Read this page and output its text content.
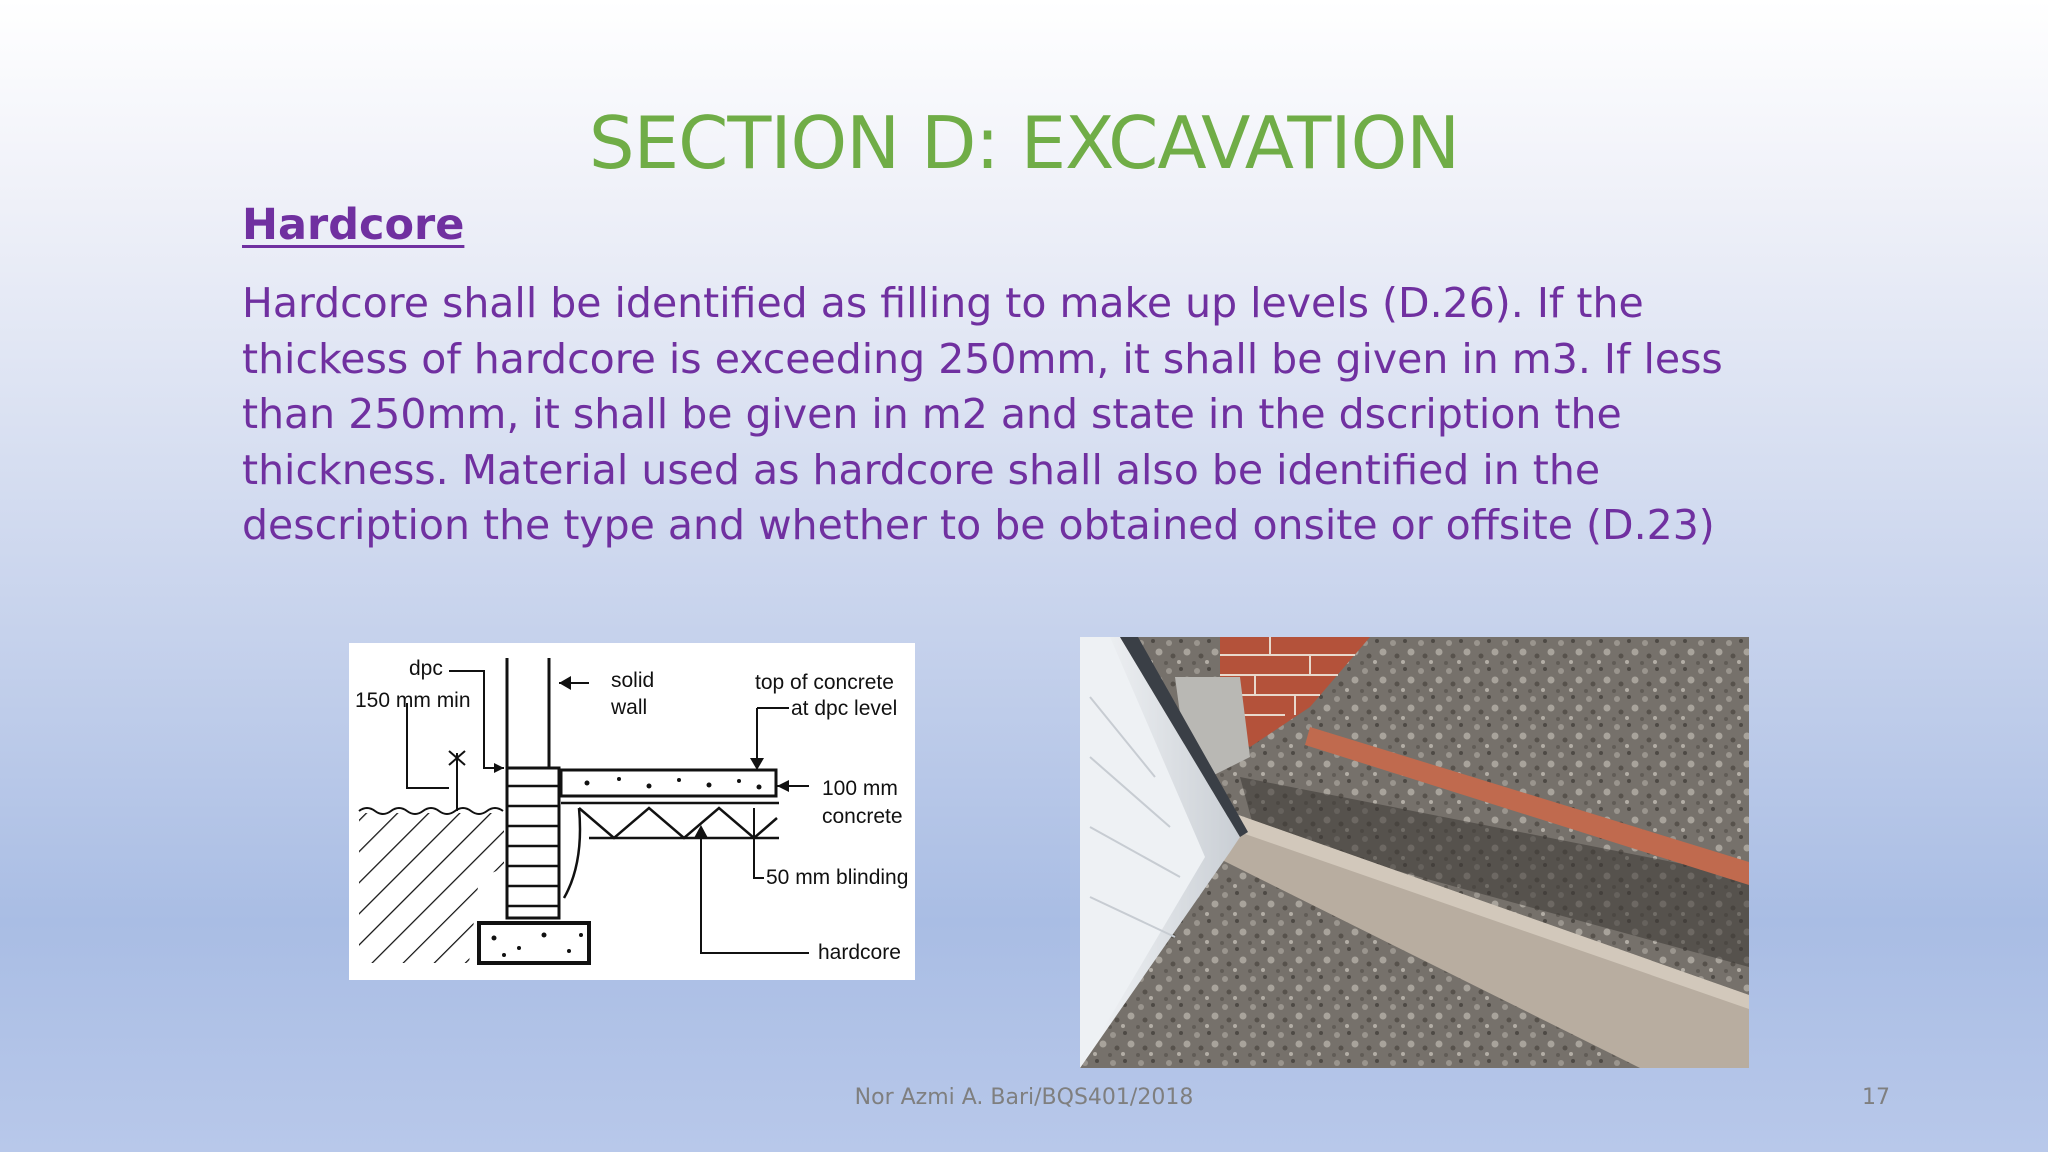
SECTION D: EXCAVATION
Hardcore
Hardcore shall be identified as filling to make up levels (D.26). If the
thickess of hardcore is exceeding 250mm, it shall be given in m3. If less
than 250mm, it shall be given in m2 and state in the dscription the
thickness. Material used as hardcore shall also be identified in the
description the type and whether to be obtained onsite or offsite (D.23)
dpc
150 mm min
solid
wall
top of concrete
at dpc level
100 mm
concrete
50 mm blinding
hardcore
Nor Azmi A. Bari/BQS401/2018	17
